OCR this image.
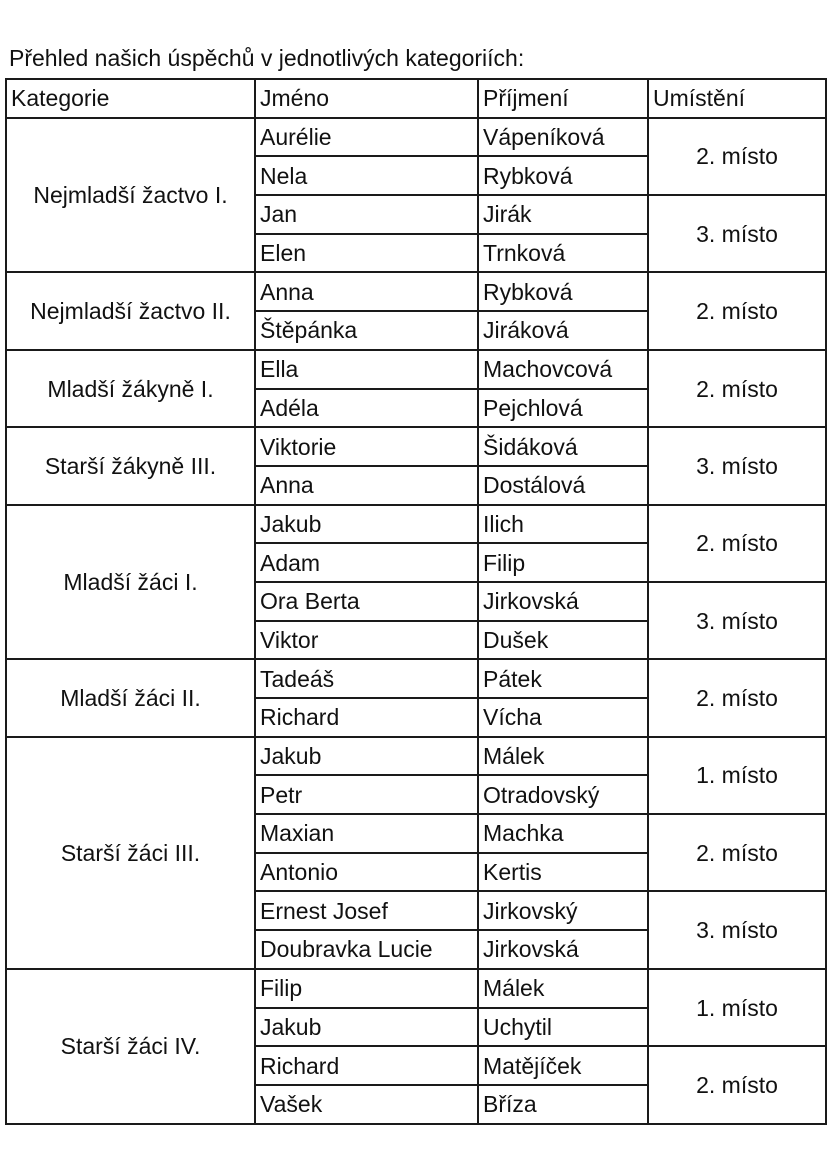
Přehled našich úspěchů v jednotlivých kategoriích:
Kategorie	Jméno	Příjmení	Umístění
Nejmladší žactvo I.	Aurélie	Vápeníková	2. místo
	Nela	Rybková	
	Jan	Jirák	3. místo
	Elen	Trnková	
Nejmladší žactvo II.	Anna	Rybková	2. místo
	Štěpánka	Jiráková	
Mladší žákyně I.	Ella	Machovcová	2. místo
	Adéla	Pejchlová	
Starší žákyně III.	Viktorie	Šidáková	3. místo
	Anna	Dostálová	
Mladší žáci I.	Jakub	Ilich	2. místo
	Adam	Filip	
	Ora Berta	Jirkovská	3. místo
	Viktor	Dušek	
Mladší žáci II.	Tadeáš	Pátek	2. místo
	Richard	Vícha	
Starší žáci III.	Jakub	Málek	1. místo
	Petr	Otradovský	
	Maxian	Machka	2. místo
	Antonio	Kertis	
	Ernest Josef	Jirkovský	3. místo
	Doubravka Lucie	Jirkovská	
Starší žáci IV.	Filip	Málek	1. místo
	Jakub	Uchytil	
	Richard	Matějíček	2. místo
	Vašek	Bříza	
